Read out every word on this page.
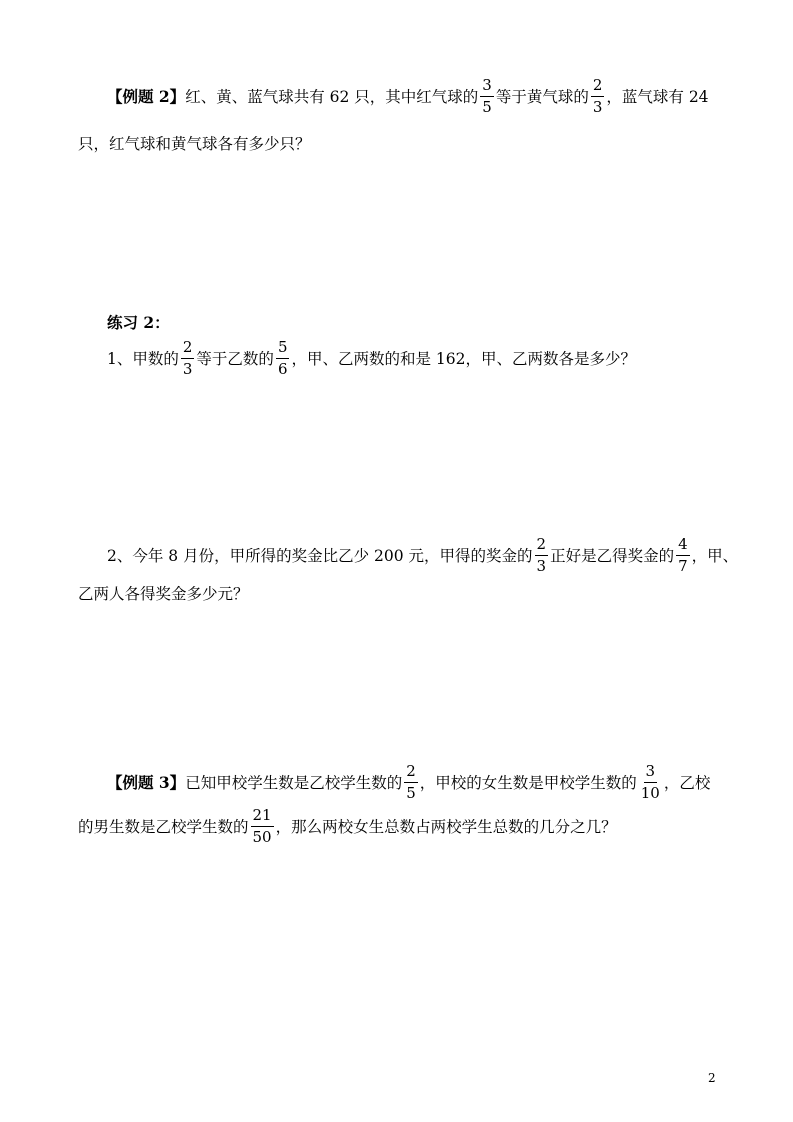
【例题 2】 红、黄、蓝气球共有 62 只，其中红气球的 $\frac{3}{5}$ 等于黄气球的 $\frac{2}{3}$ ，蓝气球有 24
只，红气球和黄气球各有多少只？
练习 2：
1、甲数的 $\frac{2}{3}$ 等于乙数的 $\frac{5}{6}$ ，甲、乙两数的和是 162，甲、乙两数各是多少？
2、今年 8 月份，甲所得的奖金比乙少 200 元，甲得的奖金的 $\frac{2}{3}$ 正好是乙得奖金的 $\frac{4}{7}$ ，甲、
乙两人各得奖金多少元？
【例题 3】 已知甲校学生数是乙校学生数的 $\frac{2}{5}$ ，甲校的女生数是甲校学生数的 $\frac{3}{10}$ ，乙校
的男生数是乙校学生数的 $\frac{21}{50}$ ，那么两校女生总数占两校学生总数的几分之几？
2
